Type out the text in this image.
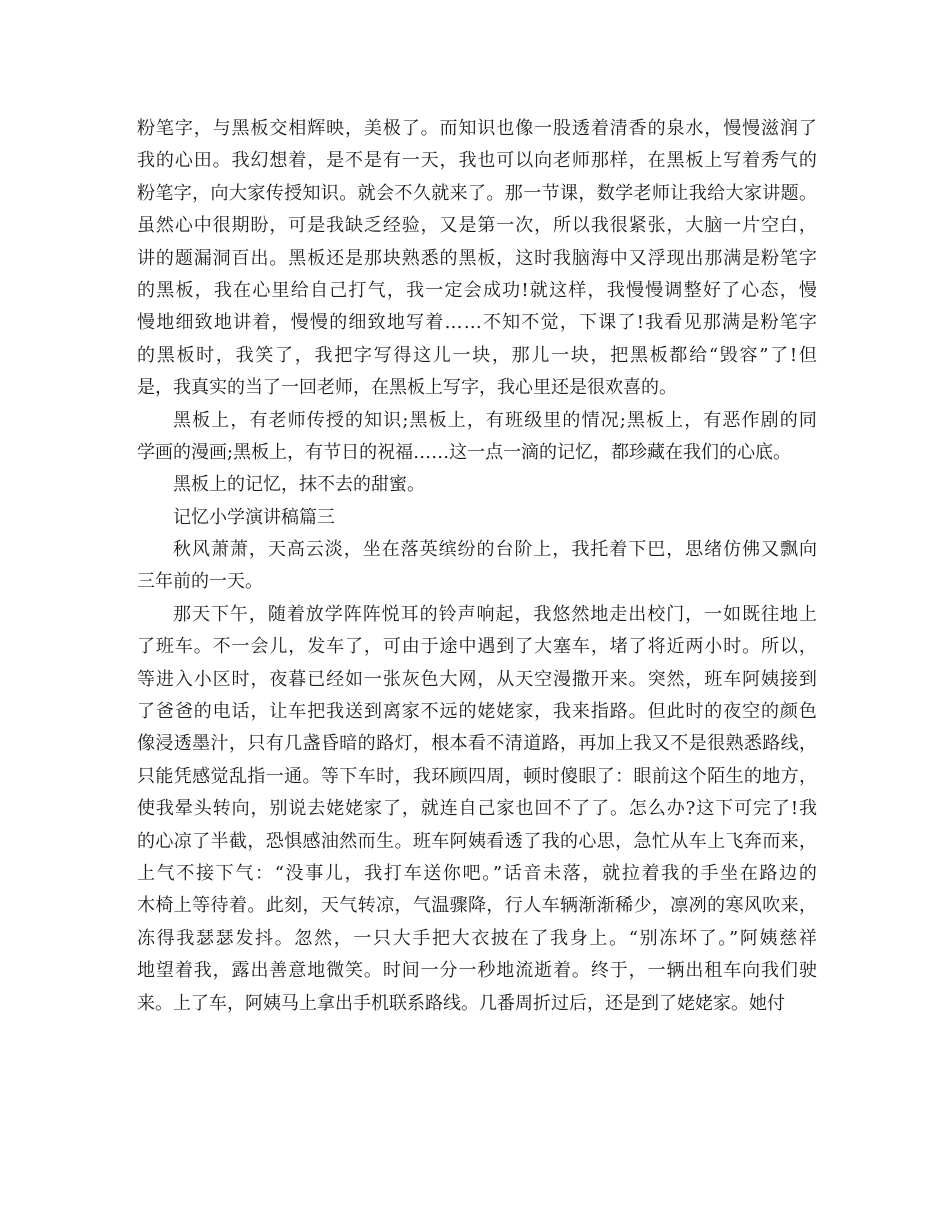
粉笔字，与黑板交相辉映，美极了。而知识也像一股透着清香的泉水，慢慢滋润了
我的心田。我幻想着，是不是有一天，我也可以向老师那样，在黑板上写着秀气的
粉笔字，向大家传授知识。就会不久就来了。那一节课，数学老师让我给大家讲题。
虽然心中很期盼，可是我缺乏经验，又是第一次，所以我很紧张，大脑一片空白，
讲的题漏洞百出。黑板还是那块熟悉的黑板，这时我脑海中又浮现出那满是粉笔字
的黑板，我在心里给自己打气，我一定会成功!就这样，我慢慢调整好了心态，慢
慢地细致地讲着，慢慢的细致地写着……不知不觉，下课了!我看见那满是粉笔字
的黑板时，我笑了，我把字写得这儿一块，那儿一块，把黑板都给“毁容”了!但
是，我真实的当了一回老师，在黑板上写字，我心里还是很欢喜的。
黑板上，有老师传授的知识;黑板上，有班级里的情况;黑板上，有恶作剧的同
学画的漫画;黑板上，有节日的祝福……这一点一滴的记忆，都珍藏在我们的心底。
黑板上的记忆，抹不去的甜蜜。
记忆小学演讲稿篇三
秋风萧萧，天高云淡，坐在落英缤纷的台阶上，我托着下巴，思绪仿佛又飘向
三年前的一天。
那天下午，随着放学阵阵悦耳的铃声响起，我悠然地走出校门，一如既往地上
了班车。不一会儿，发车了，可由于途中遇到了大塞车，堵了将近两小时。所以，
等进入小区时，夜暮已经如一张灰色大网，从天空漫撒开来。突然，班车阿姨接到
了爸爸的电话，让车把我送到离家不远的姥姥家，我来指路。但此时的夜空的颜色
像浸透墨汁，只有几盏昏暗的路灯，根本看不清道路，再加上我又不是很熟悉路线，
只能凭感觉乱指一通。等下车时，我环顾四周，顿时傻眼了：眼前这个陌生的地方，
使我晕头转向，别说去姥姥家了，就连自己家也回不了了。怎么办?这下可完了!我
的心凉了半截，恐惧感油然而生。班车阿姨看透了我的心思，急忙从车上飞奔而来，
上气不接下气：“没事儿，我打车送你吧。”话音未落，就拉着我的手坐在路边的
木椅上等待着。此刻，天气转凉，气温骤降，行人车辆渐渐稀少，凛冽的寒风吹来，
冻得我瑟瑟发抖。忽然，一只大手把大衣披在了我身上。“别冻坏了。”阿姨慈祥
地望着我，露出善意地微笑。时间一分一秒地流逝着。终于，一辆出租车向我们驶
来。上了车，阿姨马上拿出手机联系路线。几番周折过后，还是到了姥姥家。她付
